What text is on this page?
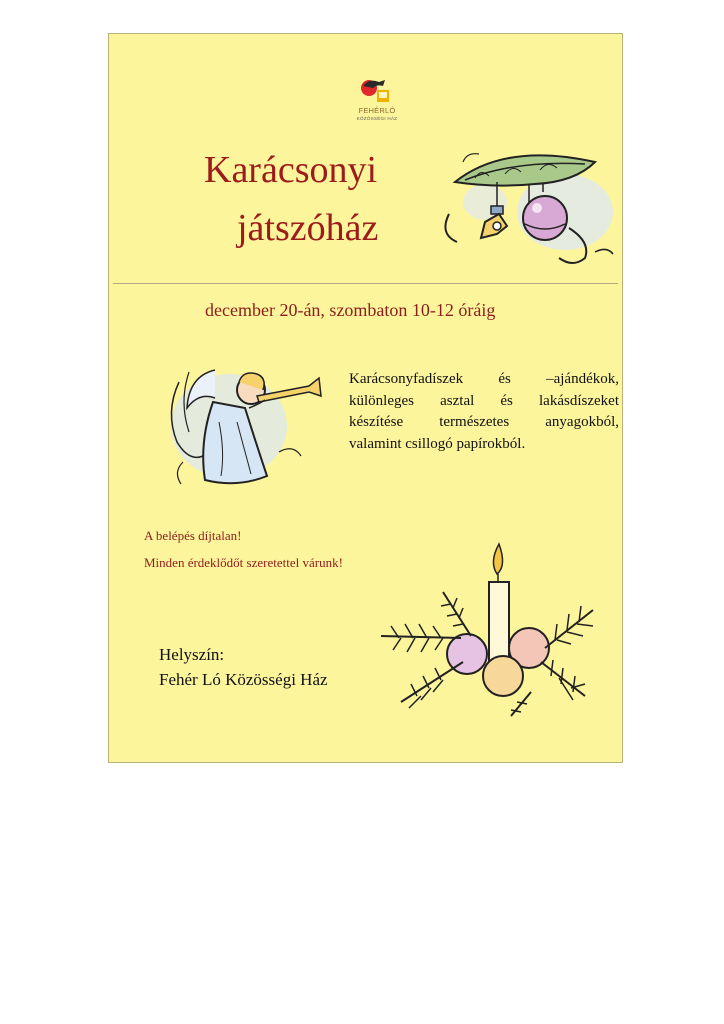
FEHÉRLÓ
KÖZÖSSÉGI HÁZ
Karácsonyi
játszóház
december 20-án, szombaton 10-12 óráig
Karácsonyfadíszek és –ajándékok,
különleges asztal és lakásdíszeket
készítése természetes anyagokból,
valamint csillogó papírokból.
A belépés díjtalan!
Minden érdeklődőt szeretettel várunk!
Helyszín:
Fehér Ló Közösségi Ház
